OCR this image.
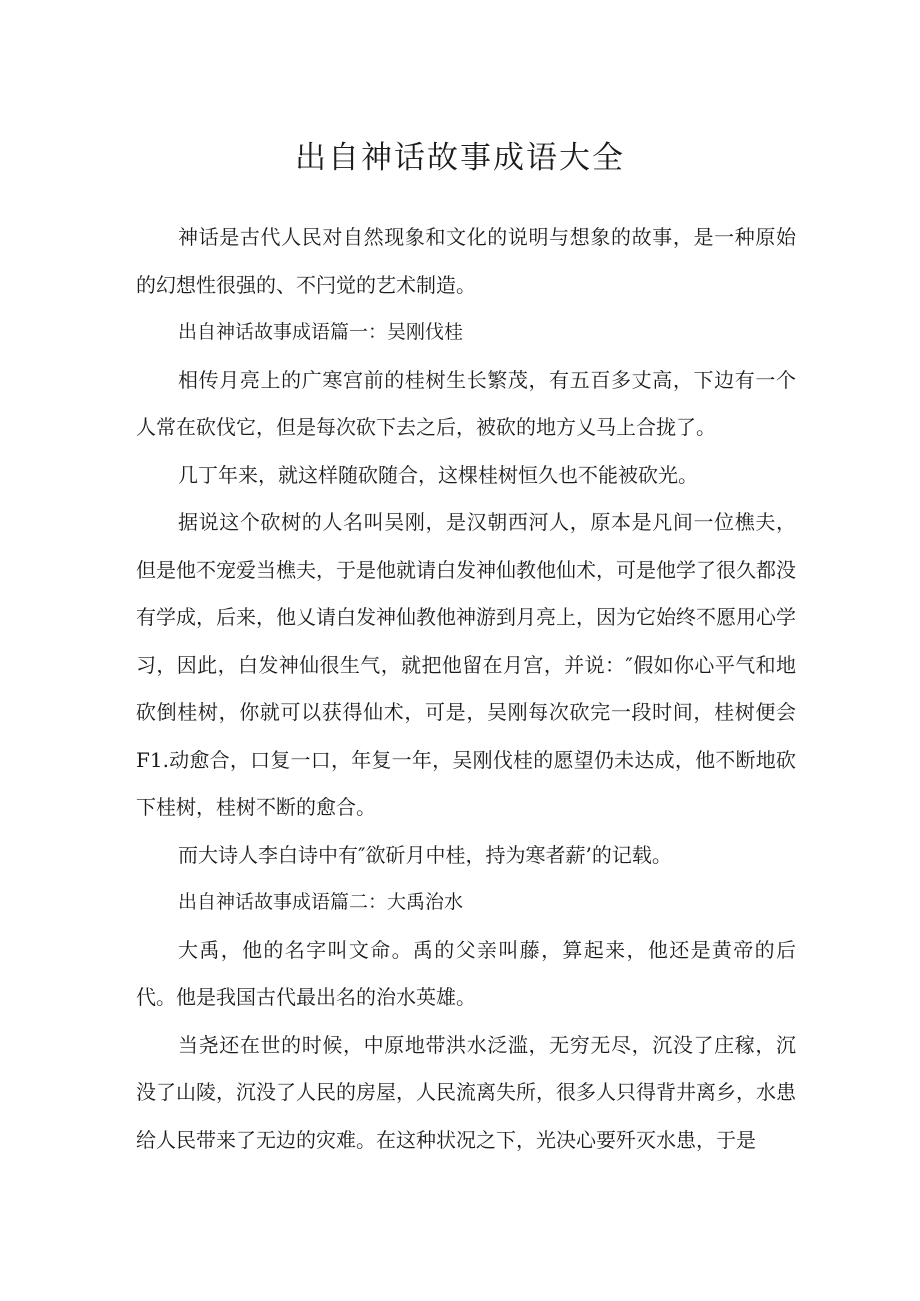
出自神话故事成语大全

神话是古代人民对自然现象和文化的说明与想象的故事，是一种原始的幻想性很强的、不闩觉的艺术制造。

出自神话故事成语篇一：吴刚伐桂

相传月亮上的广寒宫前的桂树生长繁茂，有五百多丈高，下边有一个人常在砍伐它，但是每次砍下去之后，被砍的地方乂马上合拢了。

几丁年来，就这样随砍随合，这棵桂树恒久也不能被砍光。

据说这个砍树的人名叫吴刚，是汉朝西河人，原本是凡间一位樵夫，但是他不宠爱当樵夫，于是他就请白发神仙教他仙术，可是他学了很久都没有学成，后来，他乂请白发神仙教他神游到月亮上，因为它始终不愿用心学习，因此，白发神仙很生气，就把他留在月宫，并说：″假如你心平气和地砍倒桂树，你就可以获得仙术，可是，吴刚每次砍完一段时间，桂树便会F1.动愈合，口复一口，年复一年，吴刚伐桂的愿望仍未达成，他不断地砍下桂树，桂树不断的愈合。

而大诗人李白诗中有″欲斫月中桂，持为寒者薪’的记载。

出自神话故事成语篇二：大禹治水

大禹，他的名字叫文命。禹的父亲叫藤，算起来，他还是黄帝的后代。他是我国古代最出名的治水英雄。

当尧还在世的时候，中原地带洪水泛滥，无穷无尽，沉没了庄稼，沉没了山陵，沉没了人民的房屋，人民流离失所，很多人只得背井离乡，水患给人民带来了无边的灾难。在这种状况之下，光决心要歼灭水患，于是
